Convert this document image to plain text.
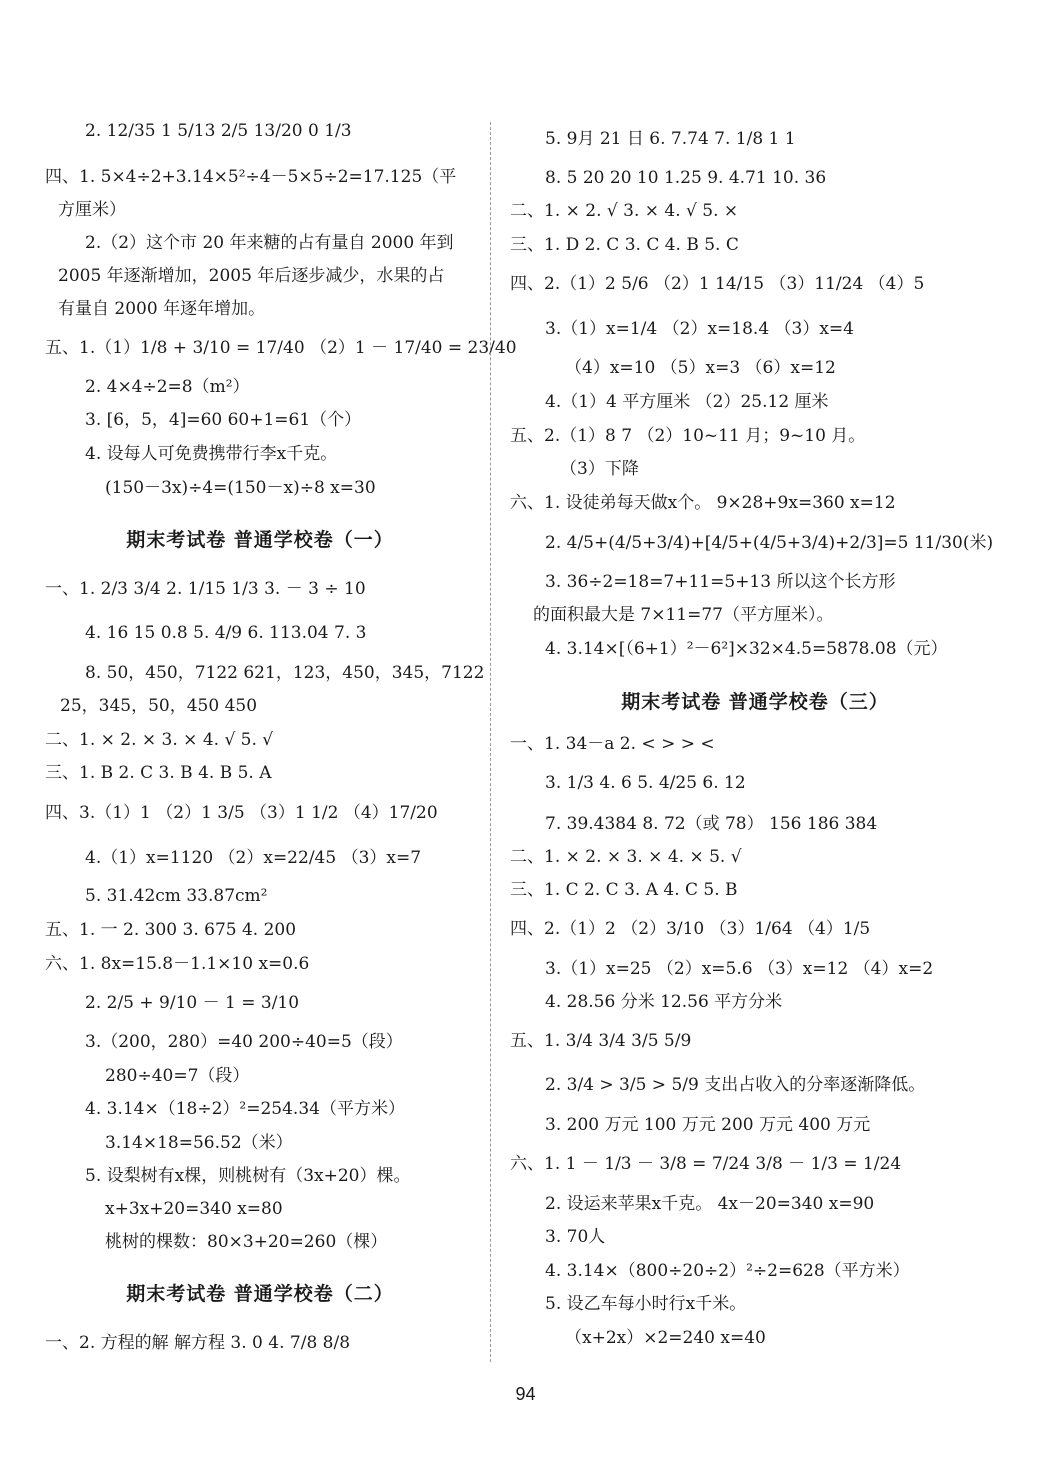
2. 12/35 1 5/13 2/5 13/20 0 1/3
四、1. 5×4÷2+3.14×5²÷4－5×5÷2=17.125（平
方厘米）
2.（2）这个市 20 年来糖的占有量自 2000 年到
2005 年逐渐增加，2005 年后逐步减少，水果的占
有量自 2000 年逐年增加。
五、1.（1）1/8 + 3/10 = 17/40 （2）1 － 17/40 = 23/40
2. 4×4÷2=8（m²）
3. [6，5，4]=60 60+1=61（个）
4. 设每人可免费携带行李x千克。
(150－3x)÷4=(150－x)÷8 x=30
一、1. 2/3 3/4 2. 1/15 1/3 3. － 3 ÷ 10
4. 16 15 0.8 5. 4/9 6. 113.04 7. 3
8. 50，450，7122 621，123，450，345，7122
25，345，50，450 450
二、1. × 2. × 3. × 4. √ 5. √
三、1. B 2. C 3. B 4. B 5. A
四、3.（1）1 （2）1 3/5 （3）1 1/2 （4）17/20
4.（1）x=1120 （2）x=22/45 （3）x=7
5. 31.42cm 33.87cm²
五、1. 一 2. 300 3. 675 4. 200
六、1. 8x=15.8－1.1×10 x=0.6
2. 2/5 + 9/10 － 1 = 3/10
3.（200，280）=40 200÷40=5（段）
280÷40=7（段）
4. 3.14×（18÷2）²=254.34（平方米）
3.14×18=56.52（米）
5. 设梨树有x棵，则桃树有（3x+20）棵。
x+3x+20=340 x=80
桃树的棵数：80×3+20=260（棵）
一、2. 方程的解 解方程 3. 0 4. 7/8 8/8
期末考试卷 普通学校卷（一）
期末考试卷 普通学校卷（二）
5. 9月 21 日 6. 7.74 7. 1/8 1 1
8. 5 20 20 10 1.25 9. 4.71 10. 36
二、1. × 2. √ 3. × 4. √ 5. ×
三、1. D 2. C 3. C 4. B 5. C
四、2.（1）2 5/6 （2）1 14/15 （3）11/24 （4）5
3.（1）x=1/4 （2）x=18.4 （3）x=4
（4）x=10 （5）x=3 （6）x=12
4.（1）4 平方厘米 （2）25.12 厘米
五、2.（1）8 7 （2）10~11 月；9~10 月。
（3）下降
六、1. 设徒弟每天做x个。 9×28+9x=360 x=12
2. 4/5+(4/5+3/4)+[4/5+(4/5+3/4)+2/3]=5 11/30(米)
3. 36÷2=18=7+11=5+13 所以这个长方形
的面积最大是 7×11=77（平方厘米）。
4. 3.14×[（6+1）²－6²]×32×4.5=5878.08（元）
一、1. 34－a 2. < > > <
3. 1/3 4. 6 5. 4/25 6. 12
7. 39.4384 8. 72（或 78） 156 186 384
二、1. × 2. × 3. × 4. × 5. √
三、1. C 2. C 3. A 4. C 5. B
四、2.（1）2 （2）3/10 （3）1/64 （4）1/5
3.（1）x=25 （2）x=5.6 （3）x=12 （4）x=2
4. 28.56 分米 12.56 平方分米
五、1. 3/4 3/4 3/5 5/9
2. 3/4 > 3/5 > 5/9 支出占收入的分率逐渐降低。
3. 200 万元 100 万元 200 万元 400 万元
六、1. 1 － 1/3 － 3/8 = 7/24 3/8 － 1/3 = 1/24
2. 设运来苹果x千克。 4x－20=340 x=90
3. 70人
4. 3.14×（800÷20÷2）²÷2=628（平方米）
5. 设乙车每小时行x千米。
（x+2x）×2=240 x=40
期末考试卷 普通学校卷（三）
94
